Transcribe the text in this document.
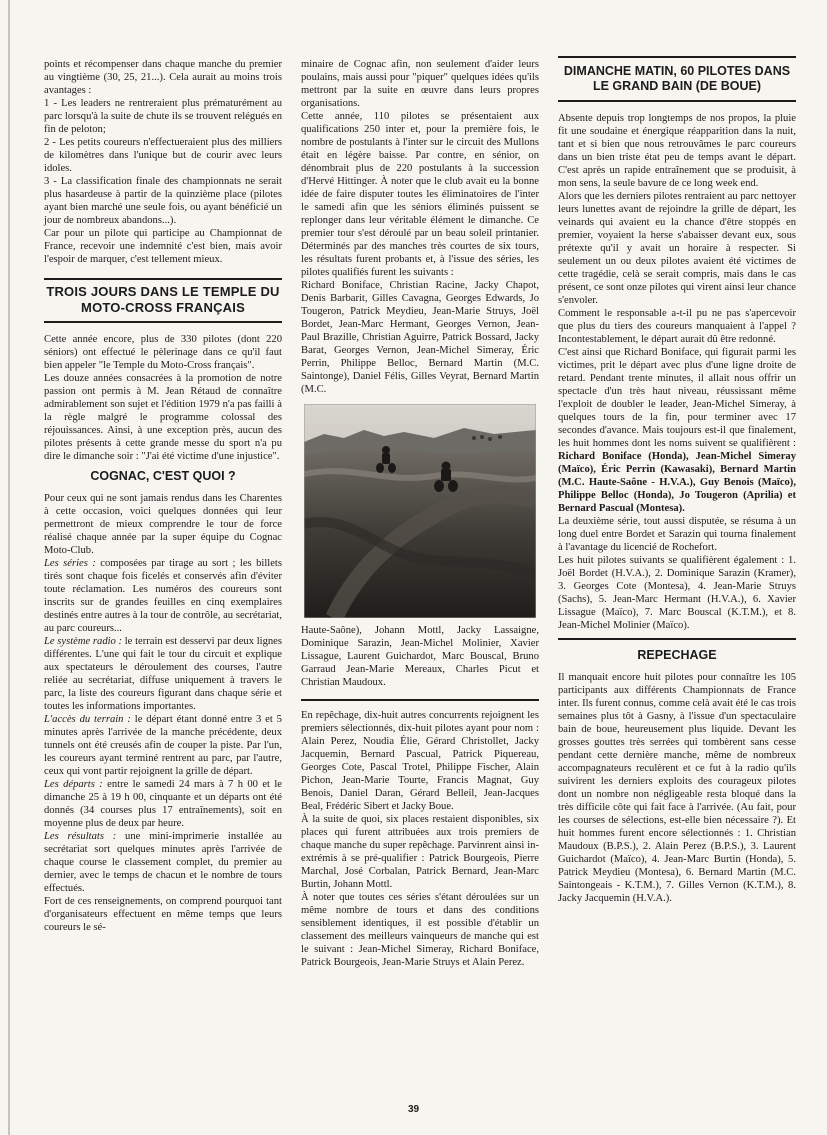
points et récompenser dans chaque manche du premier au vingtième (30, 25, 21...). Cela aurait au moins trois avantages :

1 - Les leaders ne rentreraient plus prématurément au parc lorsqu'à la suite de chute ils se trouvent relégués en fin de peloton;

2 - Les petits coureurs n'effectueraient plus des milliers de kilomètres dans l'unique but de courir avec leurs idoles.

3 - La classification finale des championnats ne serait plus hasardeuse à partir de la quinzième place (pilotes ayant bien marché une seule fois, ou ayant bénéficié un jour de nombreux abandons...).

Car pour un pilote qui participe au Championnat de France, recevoir une indemnité c'est bien, mais avoir l'espoir de marquer, c'est tellement mieux.

TROIS JOURS DANS LE TEMPLE DU MOTO-CROSS FRANÇAIS

Cette année encore, plus de 330 pilotes (dont 220 séniors) ont effectué le pèlerinage dans ce qu'il faut bien appeler "le Temple du Moto-Cross français".

Les douze années consacrées à la promotion de notre passion ont permis à M. Jean Rétaud de connaître admirablement son sujet et l'édition 1979 n'a pas failli à la règle malgré le programme colossal des réjouissances. Ainsi, à une exception près, aucun des pilotes présents à cette grande messe du sport n'a pu dire le dimanche soir : "J'ai été victime d'une injustice".

COGNAC, C'EST QUOI ?

Pour ceux qui ne sont jamais rendus dans les Charentes à cette occasion, voici quelques données qui leur permettront de mieux comprendre le tour de force réalisé chaque année par la super équipe du Cognac Moto-Club.

Les séries : composées par tirage au sort ; les billets tirés sont chaque fois ficelés et conservés afin d'éviter toute réclamation. Les numéros des coureurs sont inscrits sur de grandes feuilles en cinq exemplaires destinés entre autres à la tour de contrôle, au secrétariat, au parc coureurs...

Le système radio : le terrain est desservi par deux lignes différentes. L'une qui fait le tour du circuit et explique aux spectateurs le déroulement des courses, l'autre reliée au secrétariat, diffuse uniquement à travers le parc, la liste des coureurs figurant dans chaque série et toutes les informations importantes.

L'accès du terrain : le départ étant donné entre 3 et 5 minutes après l'arrivée de la manche précédente, deux tunnels ont été creusés afin de couper la piste. Par l'un, les coureurs ayant terminé rentrent au parc, par l'autre, ceux qui vont partir rejoignent la grille de départ.

Les départs : entre le samedi 24 mars à 7 h 00 et le dimanche 25 à 19 h 00, cinquante et un départs ont été donnés (34 courses plus 17 entraînements), soit en moyenne plus de deux par heure.

Les résultats : une mini-imprimerie installée au secrétariat sort quelques minutes après l'arrivée de chaque course le classement complet, du premier au dernier, avec le temps de chacun et le nombre de tours effectués.

Fort de ces renseignements, on comprend pourquoi tant d'organisateurs effectuent en même temps que leurs coureurs le sé-

minaire de Cognac afin, non seulement d'aider leurs poulains, mais aussi pour "piquer" quelques idées qu'ils mettront par la suite en œuvre dans leurs propres organisations.

Cette année, 110 pilotes se présentaient aux qualifications 250 inter et, pour la première fois, le nombre de postulants à l'inter sur le circuit des Mullons était en légère baisse. Par contre, en sénior, on dénombrait plus de 220 postulants à la succession d'Hervé Hittinger. À noter que le club avait eu la bonne idée de faire disputer toutes les éliminatoires de l'inter le samedi afin que les séniors éliminés puissent se replonger dans leur véritable élément le dimanche. Ce premier tour s'est déroulé par un beau soleil printanier. Déterminés par des manches très courtes de six tours, les résultats furent probants et, à l'issue des séries, les pilotes qualifiés furent les suivants :

Richard Boniface, Christian Racine, Jacky Chapot, Denis Barbarit, Gilles Cavagna, Georges Edwards, Jo Tougeron, Patrick Meydieu, Jean-Marie Struys, Joël Bordet, Jean-Marc Hermant, Georges Vernon, Jean-Paul Brazille, Christian Aguirre, Patrick Bossard, Jacky Barat, Georges Vernon, Jean-Michel Simeray, Éric Perrin, Philippe Belloc, Bernard Martin (M.C. Saintonge), Daniel Félis, Gilles Veyrat, Bernard Martin (M.C.

Haute-Saône), Johann Mottl, Jacky Lassaigne, Dominique Sarazin, Jean-Michel Molinier, Xavier Lissague, Laurent Guichardot, Marc Bouscal, Bruno Garraud Jean-Marie Mereaux, Charles Picut et Christian Maudoux.

En repêchage, dix-huit autres concurrents rejoignent les premiers sélectionnés, dix-huit pilotes ayant pour nom : Alain Perez, Noudia Élie, Gérard Christollet, Jacky Jacquemin, Bernard Pascual, Patrick Piquereau, Georges Cote, Pascal Trotel, Philippe Fischer, Alain Pichon, Jean-Marie Tourte, Francis Magnat, Guy Benois, Daniel Daran, Gérard Belleil, Jean-Jacques Beal, Frédéric Sibert et Jacky Boue.

À la suite de quoi, six places restaient disponibles, six places qui furent attribuées aux trois premiers de chaque manche du super repêchage. Parvinrent ainsi in-extrémis à se pré-qualifier : Patrick Bourgeois, Pierre Marchal, José Corbalan, Patrick Bernard, Jean-Marc Burtin, Johann Mottl.

À noter que toutes ces séries s'étant déroulées sur un même nombre de tours et dans des conditions sensiblement identiques, il est possible d'établir un classement des meilleurs vainqueurs de manche qui est le suivant : Jean-Michel Simeray, Richard Boniface, Patrick Bourgeois, Jean-Marie Struys et Alain Perez.

DIMANCHE MATIN, 60 PILOTES DANS LE GRAND BAIN (DE BOUE)

Absente depuis trop longtemps de nos propos, la pluie fit une soudaine et énergique réapparition dans la nuit, tant et si bien que nous retrouvâmes le parc coureurs dans un bien triste état peu de temps avant le départ. C'est après un rapide entraînement que se produisit, à mon sens, la seule bavure de ce long week end.

Alors que les derniers pilotes rentraient au parc nettoyer leurs lunettes avant de rejoindre la grille de départ, les veinards qui avaient eu la chance d'être stoppés en premier, voyaient la herse s'abaisser devant eux, sous prétexte qu'il y avait un horaire à respecter. Si seulement un ou deux pilotes avaient été victimes de cette tragédie, celà se serait compris, mais dans le cas présent, ce sont onze pilotes qui virent ainsi leur chance s'envoler.

Comment le responsable a-t-il pu ne pas s'apercevoir que plus du tiers des coureurs manquaient à l'appel ? Incontestablement, le départ aurait dû être redonné.

C'est ainsi que Richard Boniface, qui figurait parmi les victimes, prit le départ avec plus d'une ligne droite de retard. Pendant trente minutes, il allait nous offrir un spectacle d'un très haut niveau, réussissant même l'exploit de doubler le leader, Jean-Michel Simeray, à quelques tours de la fin, pour terminer avec 17 secondes d'avance. Mais toujours est-il que finalement, les huit hommes dont les noms suivent se qualifièrent : Richard Boniface (Honda), Jean-Michel Simeray (Maïco), Éric Perrin (Kawasaki), Bernard Martin (M.C. Haute-Saône - H.V.A.), Guy Benois (Maïco), Philippe Belloc (Honda), Jo Tougeron (Aprilia) et Bernard Pascual (Montesa).

La deuxième série, tout aussi disputée, se résuma à un long duel entre Bordet et Sarazin qui tourna finalement à l'avantage du licencié de Rochefort.

Les huit pilotes suivants se qualifièrent également : 1. Joël Bordet (H.V.A.), 2. Dominique Sarazin (Kramer), 3. Georges Cote (Montesa), 4. Jean-Marie Struys (Sachs), 5. Jean-Marc Hermant (H.V.A.), 6. Xavier Lissague (Maïco), 7. Marc Bouscal (K.T.M.), et 8. Jean-Michel Molinier (Maïco).

REPECHAGE

Il manquait encore huit pilotes pour connaître les 105 participants aux différents Championnats de France inter. Ils furent connus, comme celà avait été le cas trois semaines plus tôt à Gasny, à l'issue d'un spectaculaire bain de boue, heureusement plus liquide. Devant les grosses gouttes très serrées qui tombèrent sans cesse pendant cette dernière manche, même de nombreux accompagnateurs reculèrent et ce fut à la radio qu'ils suivirent les derniers exploits des courageux pilotes dont un nombre non négligeable resta bloqué dans la très difficile côte qui fait face à l'arrivée. (Au fait, pour les courses de sélections, est-elle bien nécessaire ?). Et huit hommes furent encore sélectionnés : 1. Christian Maudoux (B.P.S.), 2. Alain Perez (B.P.S.), 3. Laurent Guichardot (Maïco), 4. Jean-Marc Burtin (Honda), 5. Patrick Meydieu (Montesa), 6. Bernard Martin (M.C. Saintongeais - K.T.M.), 7. Gilles Vernon (K.T.M.), 8. Jacky Jacquemin (H.V.A.).

39
